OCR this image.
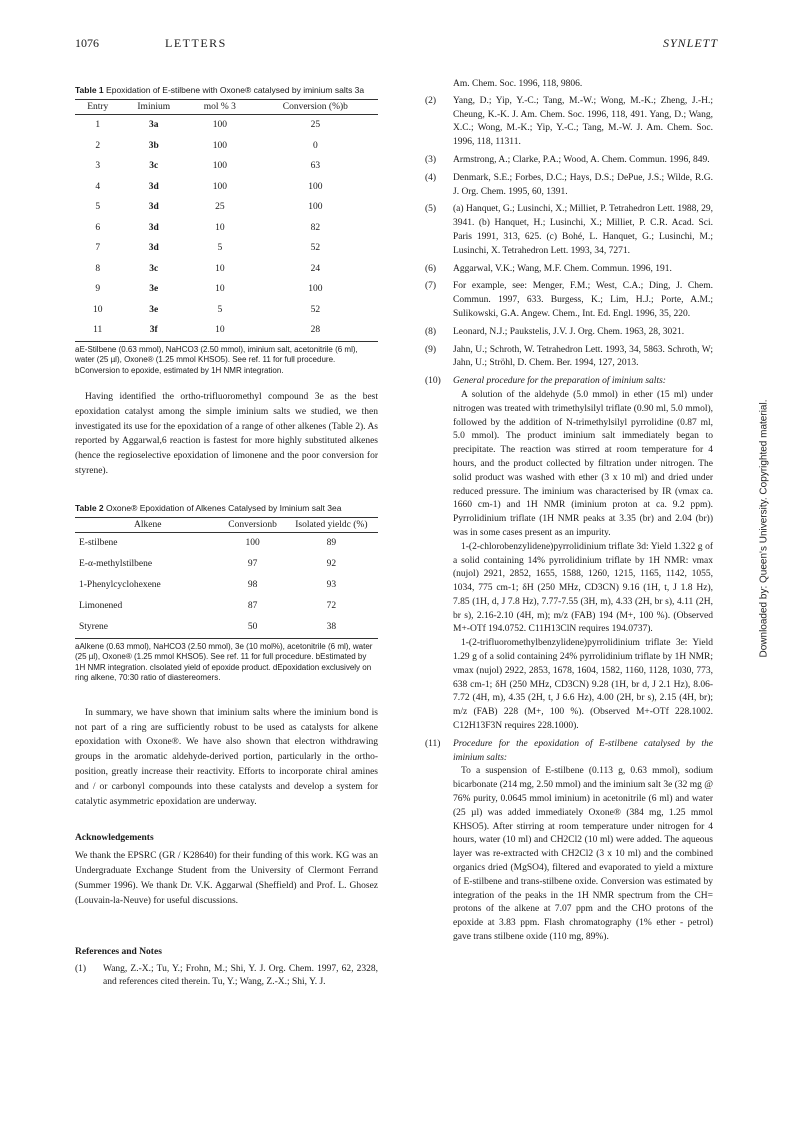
1076	LETTERS	SYNLETT
Table 1 Epoxidation of E-stilbene with Oxone® catalysed by iminium salts 3a
Entry	Iminium	mol % 3	Conversion (%)b
1	3a	100	25
2	3b	100	0
3	3c	100	63
4	3d	100	100
5	3d	25	100
6	3d	10	82
7	3d	5	52
8	3c	10	24
9	3e	10	100
10	3e	5	52
11	3f	10	28
aE-Stilbene (0.63 mmol), NaHCO3 (2.50 mmol), iminium salt, acetonitrile (6 ml), water (25 µl), Oxone® (1.25 mmol KHSO5). See ref. 11 for full procedure. bConversion to epoxide, estimated by 1H NMR integration.

Having identified the ortho-trifluoromethyl compound 3e as the best epoxidation catalyst among the simple iminium salts we studied, we then investigated its use for the epoxidation of a range of other alkenes (Table 2). As reported by Aggarwal,6 reaction is fastest for more highly substituted alkenes (hence the regioselective epoxidation of limonene and the poor conversion for styrene).

Table 2 Oxone® Epoxidation of Alkenes Catalysed by Iminium salt 3ea
Alkene	Conversionb	Isolated yieldc (%)
E-stilbene	100	89
E-α-methylstilbene	97	92
1-Phenylcyclohexene	98	93
Limonened	87	72
Styrene	50	38
aAlkene (0.63 mmol), NaHCO3 (2.50 mmol), 3e (10 mol%), acetonitrile (6 ml), water (25 µl), Oxone® (1.25 mmol KHSO5). See ref. 11 for full procedure. bEstimated by 1H NMR integration. cIsolated yield of epoxide product. dEpoxidation exclusively on ring alkene, 70:30 ratio of diastereomers.

In summary, we have shown that iminium salts where the iminium bond is not part of a ring are sufficiently robust to be used as catalysts for alkene epoxidation with Oxone®. We have also shown that electron withdrawing groups in the aromatic aldehyde-derived portion, particularly in the ortho-position, greatly increase their reactivity. Efforts to incorporate chiral amines and / or carbonyl compounds into these catalysts and develop a system for catalytic asymmetric epoxidation are underway.

Acknowledgements

We thank the EPSRC (GR / K28640) for their funding of this work. KG was an Undergraduate Exchange Student from the University of Clermont Ferrand (Summer 1996). We thank Dr. V.K. Aggarwal (Sheffield) and Prof. L. Ghosez (Louvain-la-Neuve) for useful discussions.

References and Notes

(1) Wang, Z.-X.; Tu, Y.; Frohn, M.; Shi, Y. J. Org. Chem. 1997, 62, 2328, and references cited therein. Tu, Y.; Wang, Z.-X.; Shi, Y. J.
Am. Chem. Soc. 1996, 118, 9806.
(2) Yang, D.; Yip, Y.-C.; Tang, M.-W.; Wong, M.-K.; Zheng, J.-H.; Cheung, K.-K. J. Am. Chem. Soc. 1996, 118, 491. Yang, D.; Wang, X.C.; Wong, M.-K.; Yip, Y.-C.; Tang, M.-W. J. Am. Chem. Soc. 1996, 118, 11311.
(3) Armstrong, A.; Clarke, P.A.; Wood, A. Chem. Commun. 1996, 849.
(4) Denmark, S.E.; Forbes, D.C.; Hays, D.S.; DePue, J.S.; Wilde, R.G. J. Org. Chem. 1995, 60, 1391.
(5) (a) Hanquet, G.; Lusinchi, X.; Milliet, P. Tetrahedron Lett. 1988, 29, 3941. (b) Hanquet, H.; Lusinchi, X.; Milliet, P. C.R. Acad. Sci. Paris 1991, 313, 625. (c) Bohé, L. Hanquet, G.; Lusinchi, M.; Lusinchi, X. Tetrahedron Lett. 1993, 34, 7271.
(6) Aggarwal, V.K.; Wang, M.F. Chem. Commun. 1996, 191.
(7) For example, see: Menger, F.M.; West, C.A.; Ding, J. Chem. Commun. 1997, 633. Burgess, K.; Lim, H.J.; Porte, A.M.; Sulikowski, G.A. Angew. Chem., Int. Ed. Engl. 1996, 35, 220.
(8) Leonard, N.J.; Paukstelis, J.V. J. Org. Chem. 1963, 28, 3021.
(9) Jahn, U.; Schroth, W. Tetrahedron Lett. 1993, 34, 5863. Schroth, W; Jahn, U.; Ströhl, D. Chem. Ber. 1994, 127, 2013.
(10) General procedure for the preparation of iminium salts:
A solution of the aldehyde (5.0 mmol) in ether (15 ml) under nitrogen was treated with trimethylsilyl triflate (0.90 ml, 5.0 mmol), followed by the addition of N-trimethylsilyl pyrrolidine (0.87 ml, 5.0 mmol). The product iminium salt immediately began to precipitate. The reaction was stirred at room temperature for 4 hours, and the product collected by filtration under nitrogen. The solid product was washed with ether (3 x 10 ml) and dried under reduced pressure. The iminium was characterised by IR (νmax ca. 1660 cm-1) and 1H NMR (iminium proton at ca. 9.2 ppm). Pyrrolidinium triflate (1H NMR peaks at 3.35 (br) and 2.04 (br)) was in some cases present as an impurity.
1-(2-chlorobenzylidene)pyrrolidinium triflate 3d: Yield 1.322 g of a solid containing 14% pyrrolidinium triflate by 1H NMR: νmax (nujol) 2921, 2852, 1655, 1588, 1260, 1215, 1165, 1142, 1055, 1034, 775 cm-1; δH (250 MHz, CD3CN) 9.16 (1H, t, J 1.8 Hz), 7.85 (1H, d, J 7.8 Hz), 7.77-7.55 (3H, m), 4.33 (2H, br s), 4.11 (2H, br s), 2.16-2.10 (4H, m); m/z (FAB) 194 (M+, 100 %). (Observed M+-OTf 194.0752. C11H13ClN requires 194.0737).
1-(2-trifluoromethylbenzylidene)pyrrolidinium triflate 3e: Yield 1.29 g of a solid containing 24% pyrrolidinium triflate by 1H NMR; νmax (nujol) 2922, 2853, 1678, 1604, 1582, 1160, 1128, 1030, 773, 638 cm-1; δH (250 MHz, CD3CN) 9.28 (1H, br d, J 2.1 Hz), 8.06-7.72 (4H, m), 4.35 (2H, t, J 6.6 Hz), 4.00 (2H, br s), 2.15 (4H, br); m/z (FAB) 228 (M+, 100 %). (Observed M+-OTf 228.1002. C12H13F3N requires 228.1000).
(11) Procedure for the epoxidation of E-stilbene catalysed by the iminium salts:
To a suspension of E-stilbene (0.113 g, 0.63 mmol), sodium bicarbonate (214 mg, 2.50 mmol) and the iminium salt 3e (32 mg @ 76% purity, 0.0645 mmol iminium) in acetonitrile (6 ml) and water (25 µl) was added immediately Oxone® (384 mg, 1.25 mmol KHSO5). After stirring at room temperature under nitrogen for 4 hours, water (10 ml) and CH2Cl2 (10 ml) were added. The aqueous layer was re-extracted with CH2Cl2 (3 x 10 ml) and the combined organics dried (MgSO4), filtered and evaporated to yield a mixture of E-stilbene and trans-stilbene oxide. Conversion was estimated by integration of the peaks in the 1H NMR spectrum from the CH= protons of the alkene at 7.07 ppm and the CHO protons of the epoxide at 3.83 ppm. Flash chromatography (1% ether - petrol) gave trans stilbene oxide (110 mg, 89%).
Downloaded by: Queen's University. Copyrighted material.
